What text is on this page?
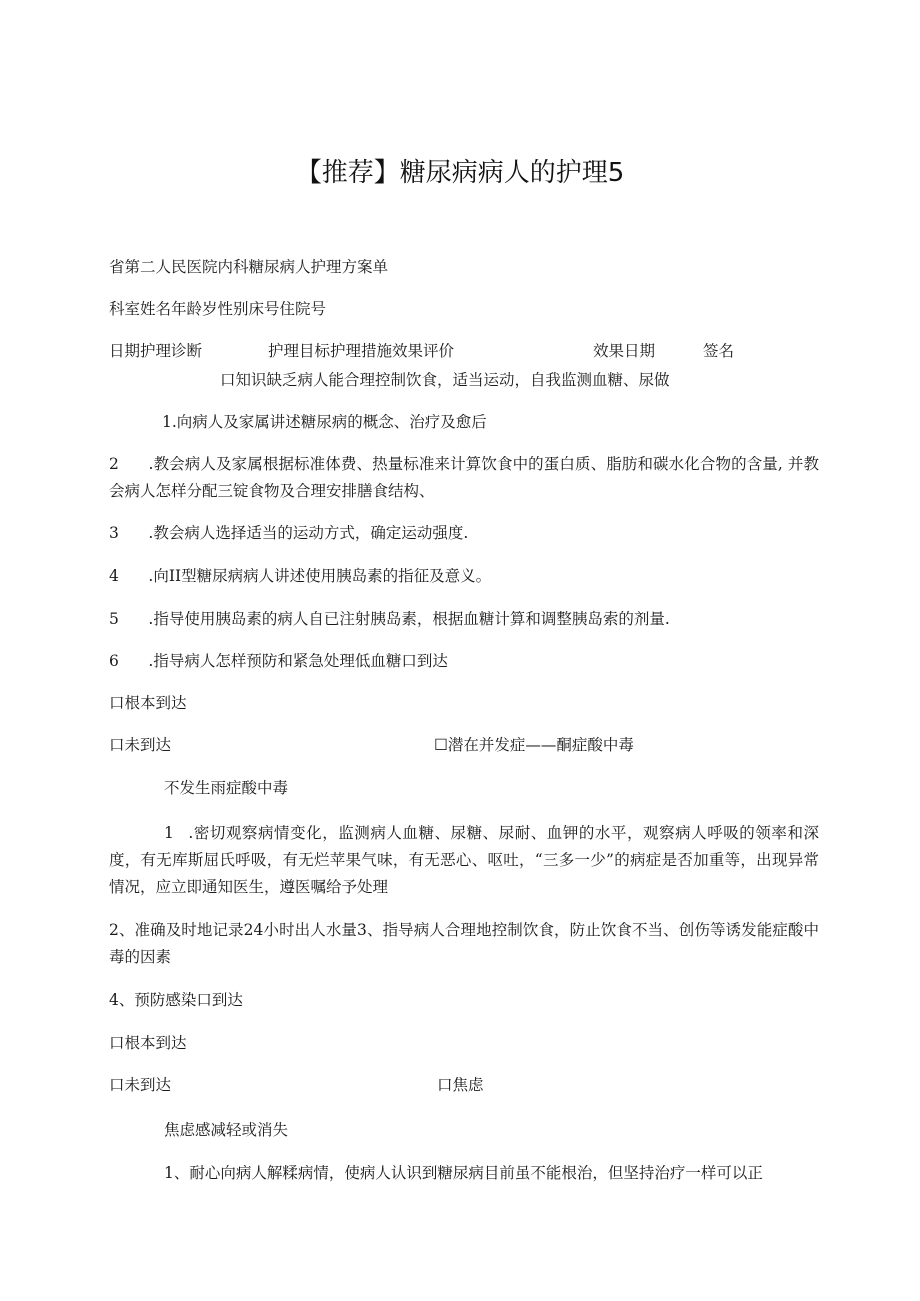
【推荐】糖尿病病人的护理5
省第二人民医院内科糖尿病人护理方案单
科室姓名年龄岁性别床号住院号
日期护理诊断	护理目标护理措施效果评价	效果日期	签名
口知识缺乏病人能合理控制饮食，适当运动，自我监测血糖、尿做
1.向病人及家属讲述糖尿病的概念、治疗及愈后
2	.教会病人及家属根据标准体费、热量标准来计算饮食中的蛋白质、脂肪和碳水化合物的含量, 并教会病人怎样分配三锭食物及合理安排膳食结构、
3	.教会病人选择适当的运动方式，确定运动强度.
4	.向II型糖尿病病人讲述使用胰岛素的指征及意义。
5	.指导使用胰岛素的病人自已注射胰岛素，根据血糖计算和调整胰岛索的剂量.
6	.指导病人怎样预防和紧急处理低血糖口到达
口根本到达
口未到达	☐潜在并发症——酮症酸中毒
不发生雨症酸中毒
1	.密切观察病情变化，监测病人血糖、尿糖、尿耐、血钾的水平，观察病人呼吸的领率和深度，有无库斯屈氏呼吸，有无烂苹果气味，有无恶心、呕吐，“三多一少”的病症是否加重等，出现异常情况，应立即通知医生，遵医嘱给予处理
2、准确及时地记录24小时出人水量3、指导病人合理地控制饮食，防止饮食不当、创伤等诱发能症酸中毒的因素
4、预防感染口到达
口根本到达
口未到达	口焦虑
焦虑感减轻或消失
1、耐心向病人解糅病情，使病人认识到糖尿病目前虽不能根治，但坚持治疗一样可以正
